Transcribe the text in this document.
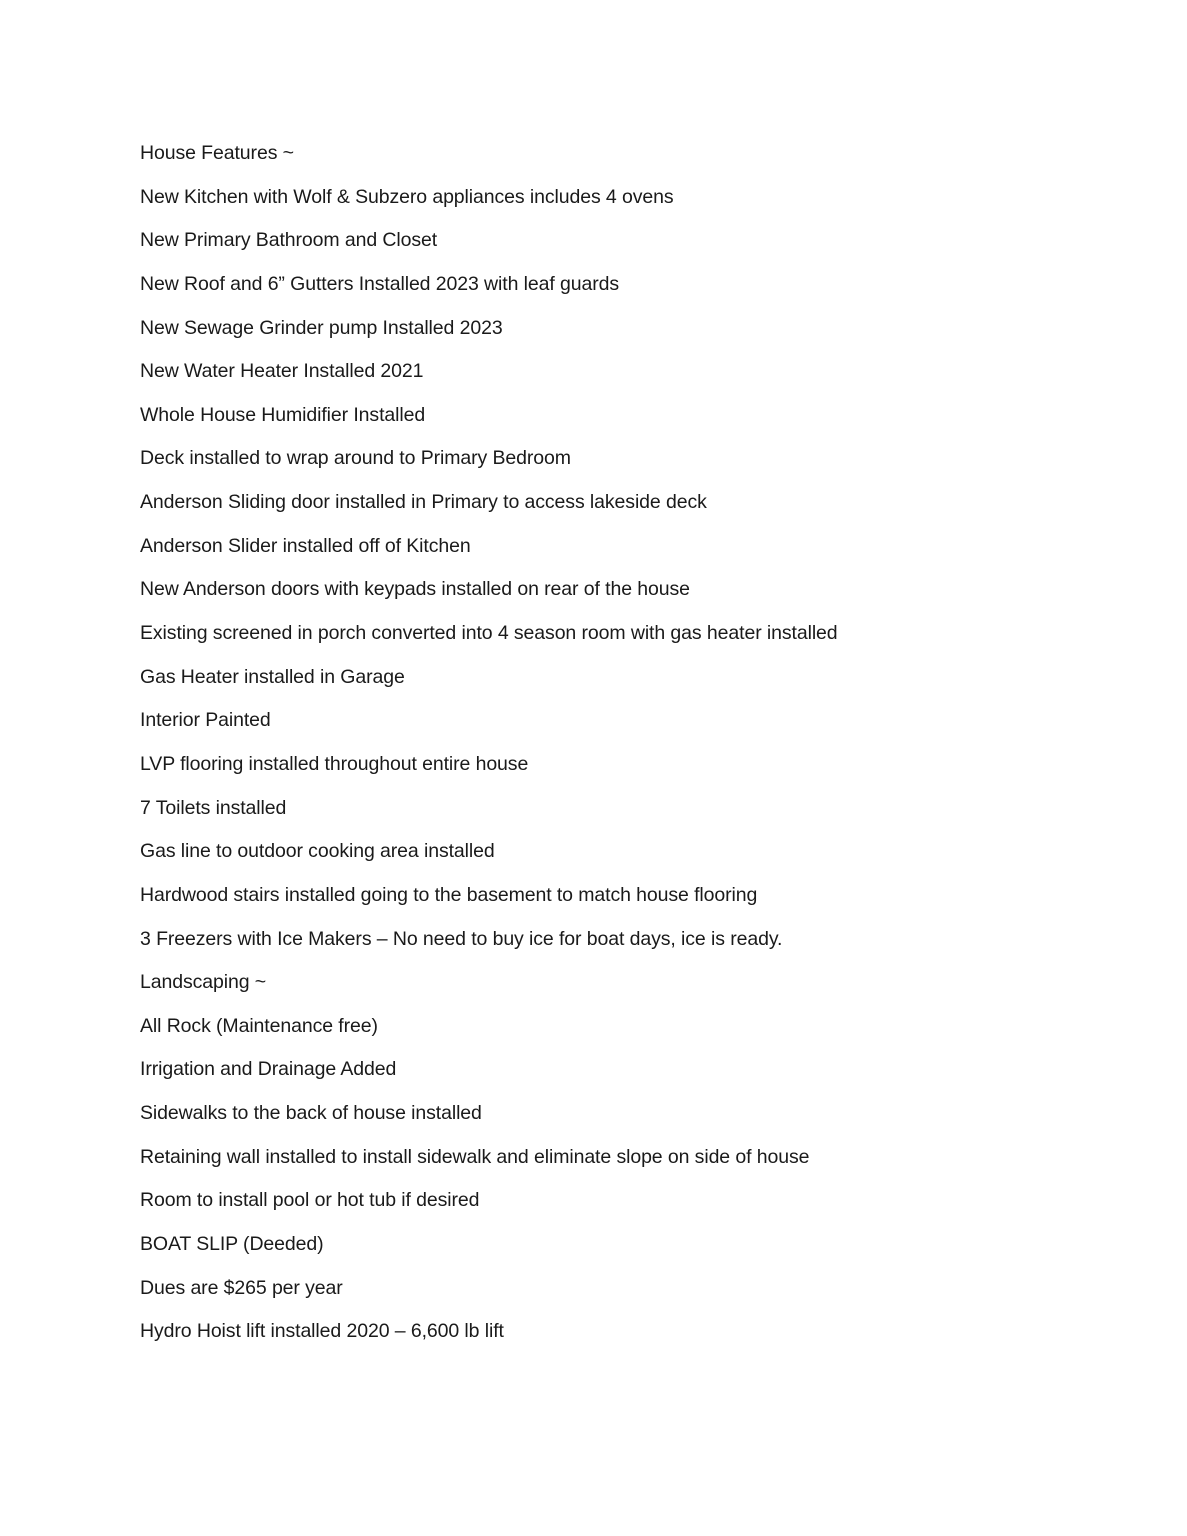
House Features ~
New Kitchen with Wolf & Subzero appliances includes 4 ovens
New Primary Bathroom and Closet
New Roof and 6” Gutters Installed 2023 with leaf guards
New Sewage Grinder pump Installed 2023
New Water Heater Installed 2021
Whole House Humidifier Installed
Deck installed to wrap around to Primary Bedroom
Anderson Sliding door installed in Primary to access lakeside deck
Anderson Slider installed off of Kitchen
New Anderson doors with keypads installed on rear of the house
Existing screened in porch converted into 4 season room with gas heater installed
Gas Heater installed in Garage
Interior Painted
LVP flooring installed throughout entire house
7 Toilets installed
Gas line to outdoor cooking area installed
Hardwood stairs installed going to the basement to match house flooring
3 Freezers with Ice Makers – No need to buy ice for boat days, ice is ready.
Landscaping ~
All Rock (Maintenance free)
Irrigation and Drainage Added
Sidewalks to the back of house installed
Retaining wall installed to install sidewalk and eliminate slope on side of house
Room to install pool or hot tub if desired
BOAT SLIP (Deeded)
Dues are $265 per year
Hydro Hoist lift installed 2020 – 6,600 lb lift
